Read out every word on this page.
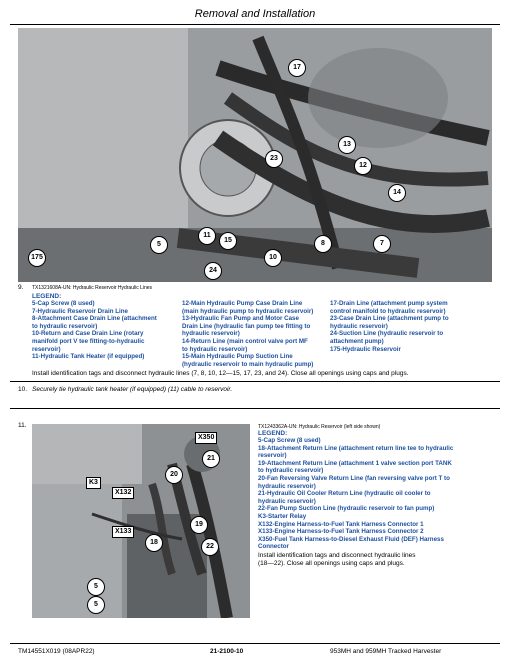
Removal and Installation
17
13
12
23
14
5
11
15	8	7
175	10
24
9. TX1321608A-UN: Hydraulic Reservoir Hydraulic Lines
LEGEND:
5-Cap Screw (8 used)
7-Hydraulic Reservoir Drain Line
8-Attachment Case Drain Line (attachment
to hydraulic reservoir)
10-Return and Case Drain Line (rotary
manifold port V tee fitting-to-hydraulic
reservoir)
11-Hydraulic Tank Heater (if equipped)
12-Main Hydraulic Pump Case Drain Line
(main hydraulic pump to hydraulic reservoir)
13-Hydraulic Fan Pump and Motor Case
Drain Line (hydraulic fan pump tee fitting to
hydraulic reservoir)
14-Return Line (main control valve port MF
to hydraulic reservoir)
15-Main Hydraulic Pump Suction Line
(hydraulic reservoir to main hydraulic pump)
17-Drain Line (attachment pump system
control manifold to hydraulic reservoir)
23-Case Drain Line (attachment pump to
hydraulic reservoir)
24-Suction Line (hydraulic reservoir to
attachment pump)
175-Hydraulic Reservoir
Install identification tags and disconnect hydraulic lines (7, 8, 10, 12—15, 17, 23, and 24). Close all openings using caps and plugs.
10. Securely tie hydraulic tank heater (if equipped) (11) cable to reservoir.
11.
X350
20
21
K3
X132
X133
18
19
22
5
5
TX1243362A-UN: Hydraulic Reservoir (left side shown)
LEGEND:
5-Cap Screw (8 used)
18-Attachment Return Line (attachment return line tee to hydraulic
reservoir)
19-Attachment Return Line (attachment 1 valve section port TANK
to hydraulic reservoir)
20-Fan Reversing Valve Return Line (fan reversing valve port T to
hydraulic reservoir)
21-Hydraulic Oil Cooler Return Line (hydraulic oil cooler to
hydraulic reservoir)
22-Fan Pump Suction Line (hydraulic reservoir to fan pump)
K3-Starter Relay
X132-Engine Harness-to-Fuel Tank Harness Connector 1
X133-Engine Harness-to-Fuel Tank Harness Connector 2
X350-Fuel Tank Harness-to-Diesel Exhaust Fluid (DEF) Harness
Connector
Install identification tags and disconnect hydraulic lines
(18—22). Close all openings using caps and plugs.
TM14551X019 (08APR22)	21-2100-10	953MH and 959MH Tracked Harvester
